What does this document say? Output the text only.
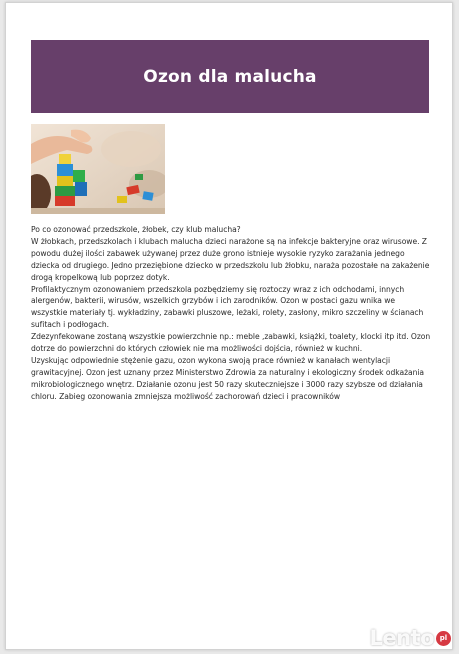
Ozon dla malucha

Po co ozonować przedszkole, żłobek, czy klub malucha?

W żłobkach, przedszkolach i klubach malucha dzieci narażone są na infekcje bakteryjne oraz wirusowe. Z powodu dużej ilości zabawek używanej przez duże grono istnieje wysokie ryzyko zarażania jednego dziecka od drugiego. Jedno przeziębione dziecko w przedszkolu lub żłobku, naraża pozostałe na zakażenie drogą kropelkową lub poprzez dotyk.

Profilaktycznym ozonowaniem przedszkola pozbędziemy się roztoczy wraz z ich odchodami, innych alergenów, bakterii, wirusów, wszelkich grzybów i ich zarodników. Ozon w postaci gazu wnika we wszystkie materiały tj. wykładziny, zabawki pluszowe, leżaki, rolety, zasłony, mikro szczeliny w ścianach sufitach i podłogach.

Zdezynfekowane zostaną wszystkie powierzchnie np.: meble ,zabawki, książki, toalety, klocki itp itd. Ozon dotrze do powierzchni do których człowiek nie ma możliwości dojścia, również w kuchni.

Uzyskując odpowiednie stężenie gazu, ozon wykona swoją prace również w kanałach wentylacji grawitacyjnej. Ozon jest uznany przez Ministerstwo Zdrowia za naturalny i ekologiczny środek odkażania mikrobiologicznego wnętrz. Działanie ozonu jest 50 razy skuteczniejsze i 3000 razy szybsze od działania chloru. Zabieg ozonowania zmniejsza możliwość zachorowań dzieci i pracowników

Lento pl
